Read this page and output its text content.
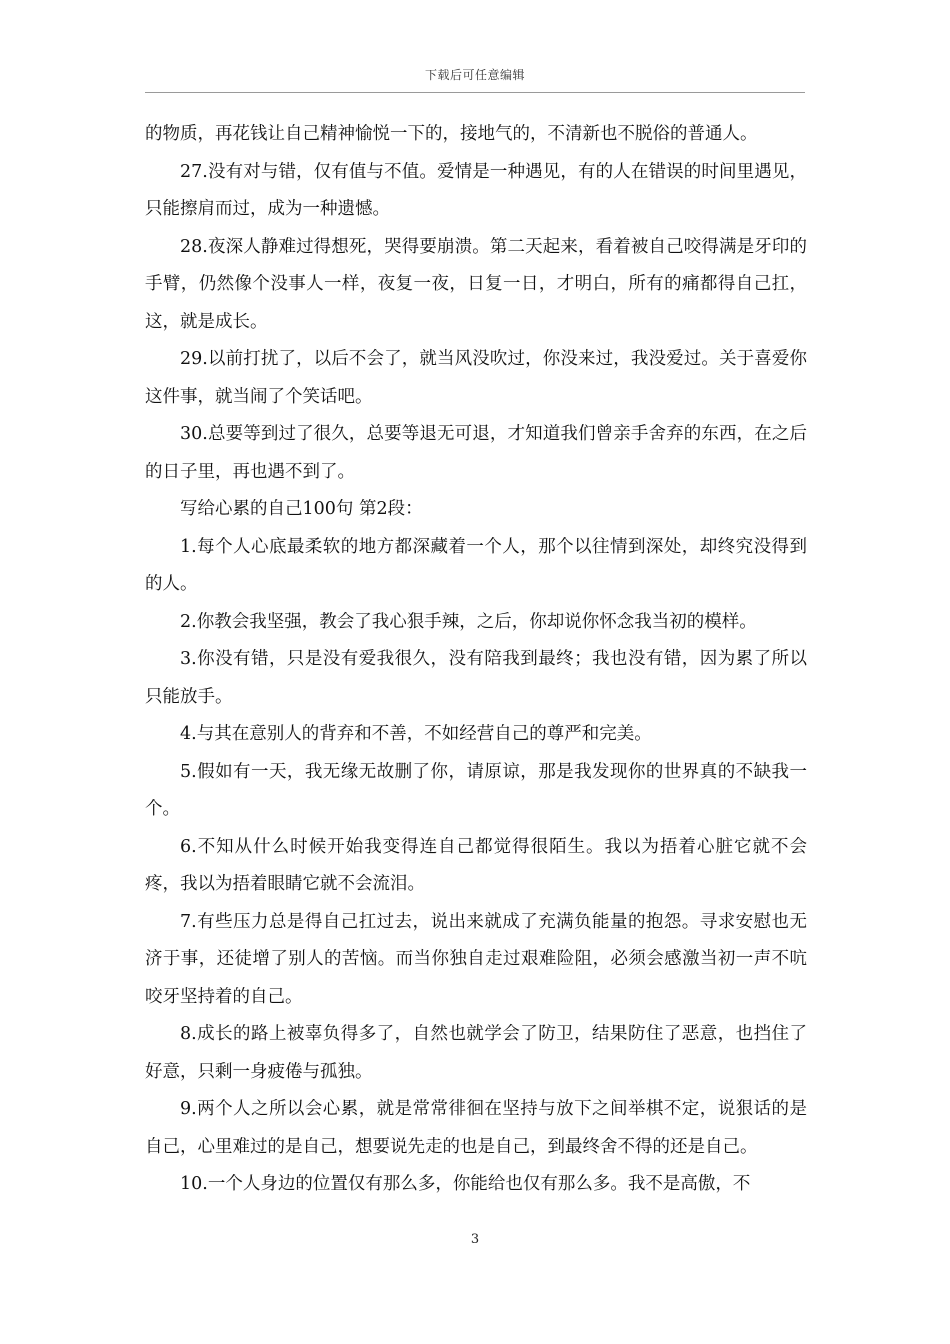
下载后可任意编辑

的物质，再花钱让自己精神愉悦一下的，接地气的，不清新也不脱俗的普通人。

27.没有对与错，仅有值与不值。爱情是一种遇见，有的人在错误的时间里遇见，只能擦肩而过，成为一种遗憾。

28.夜深人静难过得想死，哭得要崩溃。第二天起来，看着被自己咬得满是牙印的手臂，仍然像个没事人一样，夜复一夜，日复一日，才明白，所有的痛都得自己扛，这，就是成长。

29.以前打扰了，以后不会了，就当风没吹过，你没来过，我没爱过。关于喜爱你这件事，就当闹了个笑话吧。

30.总要等到过了很久，总要等退无可退，才知道我们曾亲手舍弃的东西，在之后的日子里，再也遇不到了。

写给心累的自己100句 第2段：

1.每个人心底最柔软的地方都深藏着一个人，那个以往情到深处，却终究没得到的人。

2.你教会我坚强，教会了我心狠手辣，之后，你却说你怀念我当初的模样。

3.你没有错，只是没有爱我很久，没有陪我到最终；我也没有错，因为累了所以只能放手。

4.与其在意别人的背弃和不善，不如经营自己的尊严和完美。

5.假如有一天，我无缘无故删了你，请原谅，那是我发现你的世界真的不缺我一个。

6.不知从什么时候开始我变得连自己都觉得很陌生。我以为捂着心脏它就不会疼，我以为捂着眼睛它就不会流泪。

7.有些压力总是得自己扛过去，说出来就成了充满负能量的抱怨。寻求安慰也无济于事，还徒增了别人的苦恼。而当你独自走过艰难险阻，必须会感激当初一声不吭咬牙坚持着的自己。

8.成长的路上被辜负得多了，自然也就学会了防卫，结果防住了恶意，也挡住了好意，只剩一身疲倦与孤独。

9.两个人之所以会心累，就是常常徘徊在坚持与放下之间举棋不定，说狠话的是自己，心里难过的是自己，想要说先走的也是自己，到最终舍不得的还是自己。

10.一个人身边的位置仅有那么多，你能给也仅有那么多。我不是高傲，不

3
